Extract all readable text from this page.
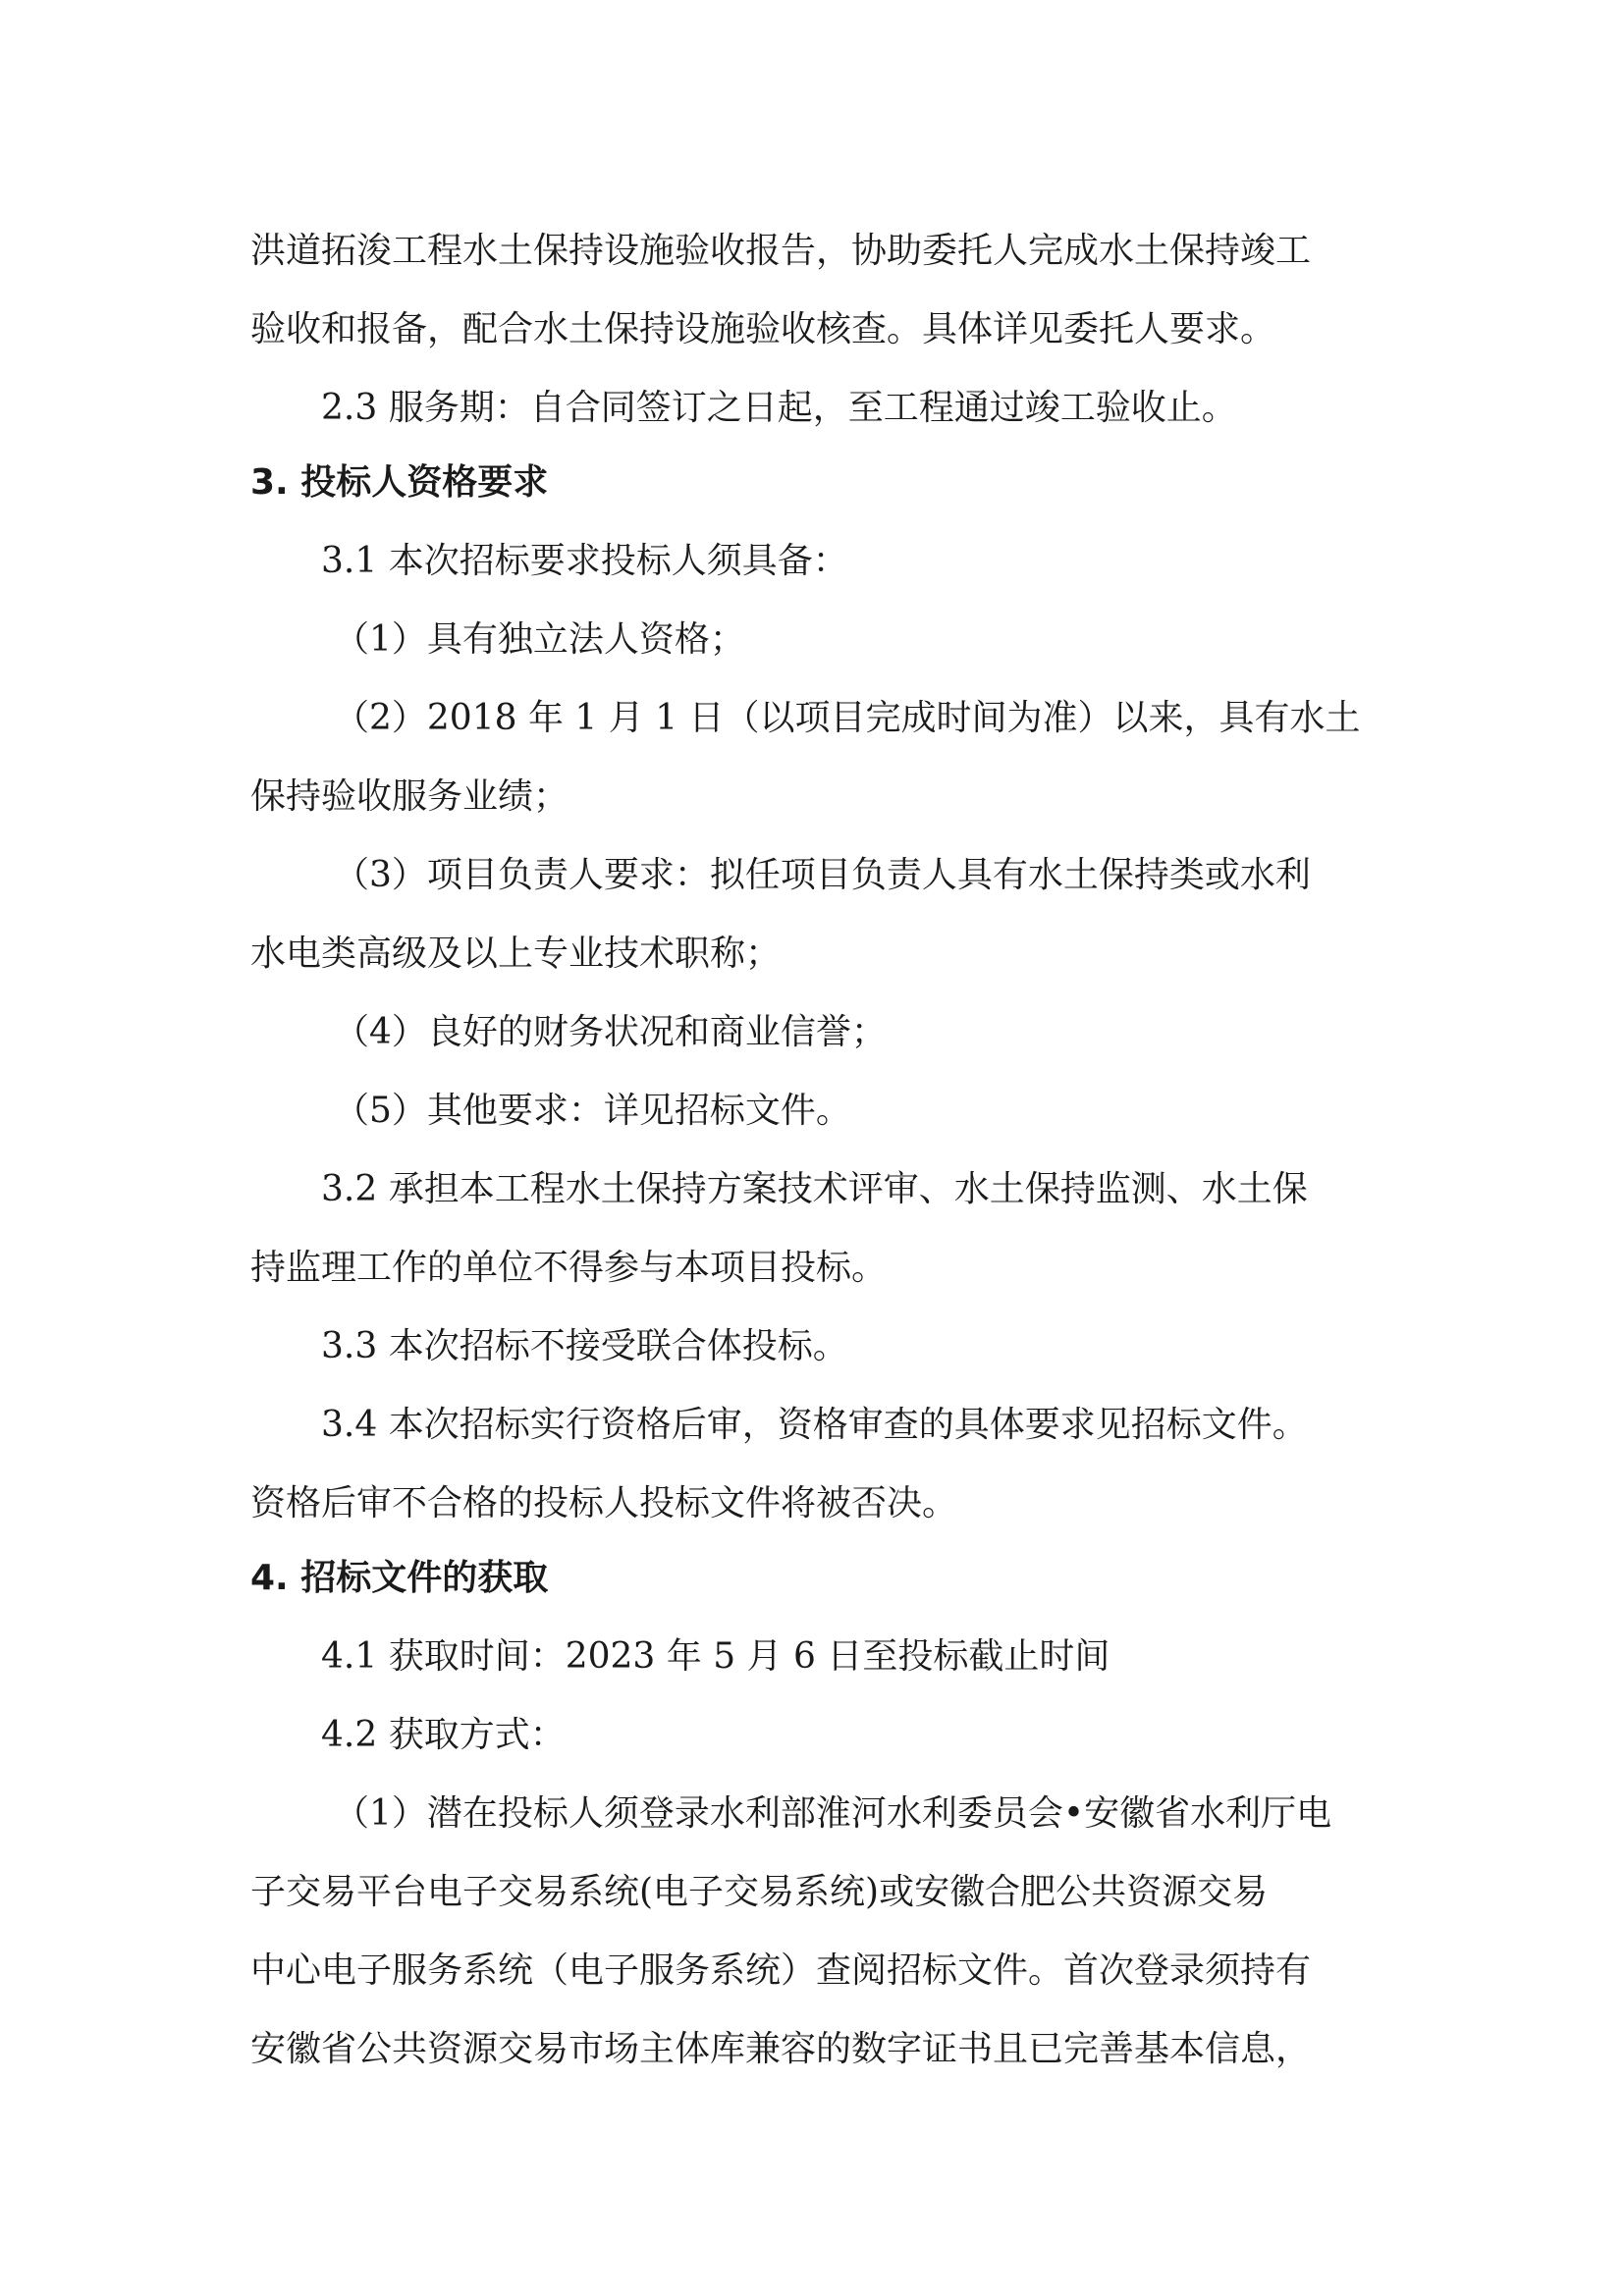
洪道拓浚工程水土保持设施验收报告，协助委托人完成水土保持竣工
验收和报备，配合水土保持设施验收核查。具体详见委托人要求。
2.3 服务期：自合同签订之日起，至工程通过竣工验收止。
3. 投标人资格要求
3.1 本次招标要求投标人须具备：
（1）具有独立法人资格；
（2）2018 年 1 月 1 日（以项目完成时间为准）以来，具有水土
保持验收服务业绩；
（3）项目负责人要求：拟任项目负责人具有水土保持类或水利
水电类高级及以上专业技术职称；
（4）良好的财务状况和商业信誉；
（5）其他要求：详见招标文件。
3.2 承担本工程水土保持方案技术评审、水土保持监测、水土保
持监理工作的单位不得参与本项目投标。
3.3 本次招标不接受联合体投标。
3.4 本次招标实行资格后审，资格审查的具体要求见招标文件。
资格后审不合格的投标人投标文件将被否决。
4. 招标文件的获取
4.1 获取时间：2023 年 5 月 6 日至投标截止时间
4.2 获取方式：
（1）潜在投标人须登录水利部淮河水利委员会•安徽省水利厅电
子交易平台电子交易系统(电子交易系统)或安徽合肥公共资源交易
中心电子服务系统（电子服务系统）查阅招标文件。首次登录须持有
安徽省公共资源交易市场主体库兼容的数字证书且已完善基本信息，
